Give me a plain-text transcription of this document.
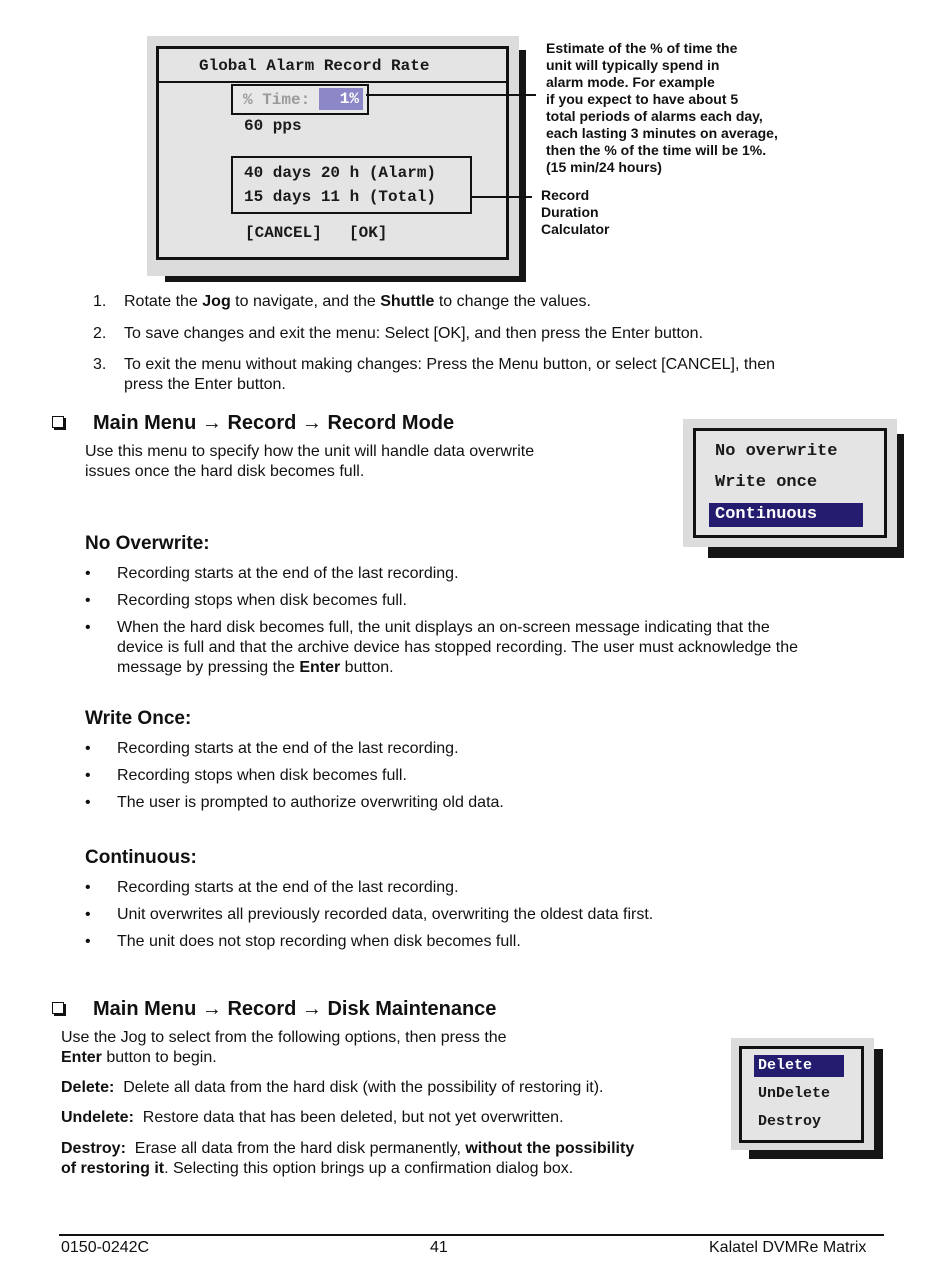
Global Alarm Record Rate
% Time:	1%
60 pps
40 days 20 h (Alarm)
15 days 11 h (Total)
[CANCEL] [OK]
Estimate of the % of time the
unit will typically spend in
alarm mode. For example
if you expect to have about 5
total periods of alarms each day,
each lasting 3 minutes on average,
then the % of the time will be 1%.
(15 min/24 hours)
Record
Duration
Calculator
1. Rotate the Jog to navigate, and the Shuttle to change the values.
2. To save changes and exit the menu: Select [OK], and then press the Enter button.
3. To exit the menu without making changes: Press the Menu button, or select [CANCEL], then
press the Enter button.
Main Menu → Record → Record Mode
Use this menu to specify how the unit will handle data overwrite
issues once the hard disk becomes full.
No overwrite
Write once
Continuous
No Overwrite:
• Recording starts at the end of the last recording.
• Recording stops when disk becomes full.
• When the hard disk becomes full, the unit displays an on-screen message indicating that the
device is full and that the archive device has stopped recording. The user must acknowledge the
message by pressing the Enter button.
Write Once:
• Recording starts at the end of the last recording.
• Recording stops when disk becomes full.
• The user is prompted to authorize overwriting old data.
Continuous:
• Recording starts at the end of the last recording.
• Unit overwrites all previously recorded data, overwriting the oldest data first.
• The unit does not stop recording when disk becomes full.
Main Menu → Record → Disk Maintenance
Use the Jog to select from the following options, then press the
Enter button to begin.
Delete:  Delete all data from the hard disk (with the possibility of restoring it).
Undelete:  Restore data that has been deleted, but not yet overwritten.
Destroy:  Erase all data from the hard disk permanently, without the possibility
of restoring it. Selecting this option brings up a confirmation dialog box.
Delete
UnDelete
Destroy
0150-0242C	41	Kalatel DVMRe Matrix
